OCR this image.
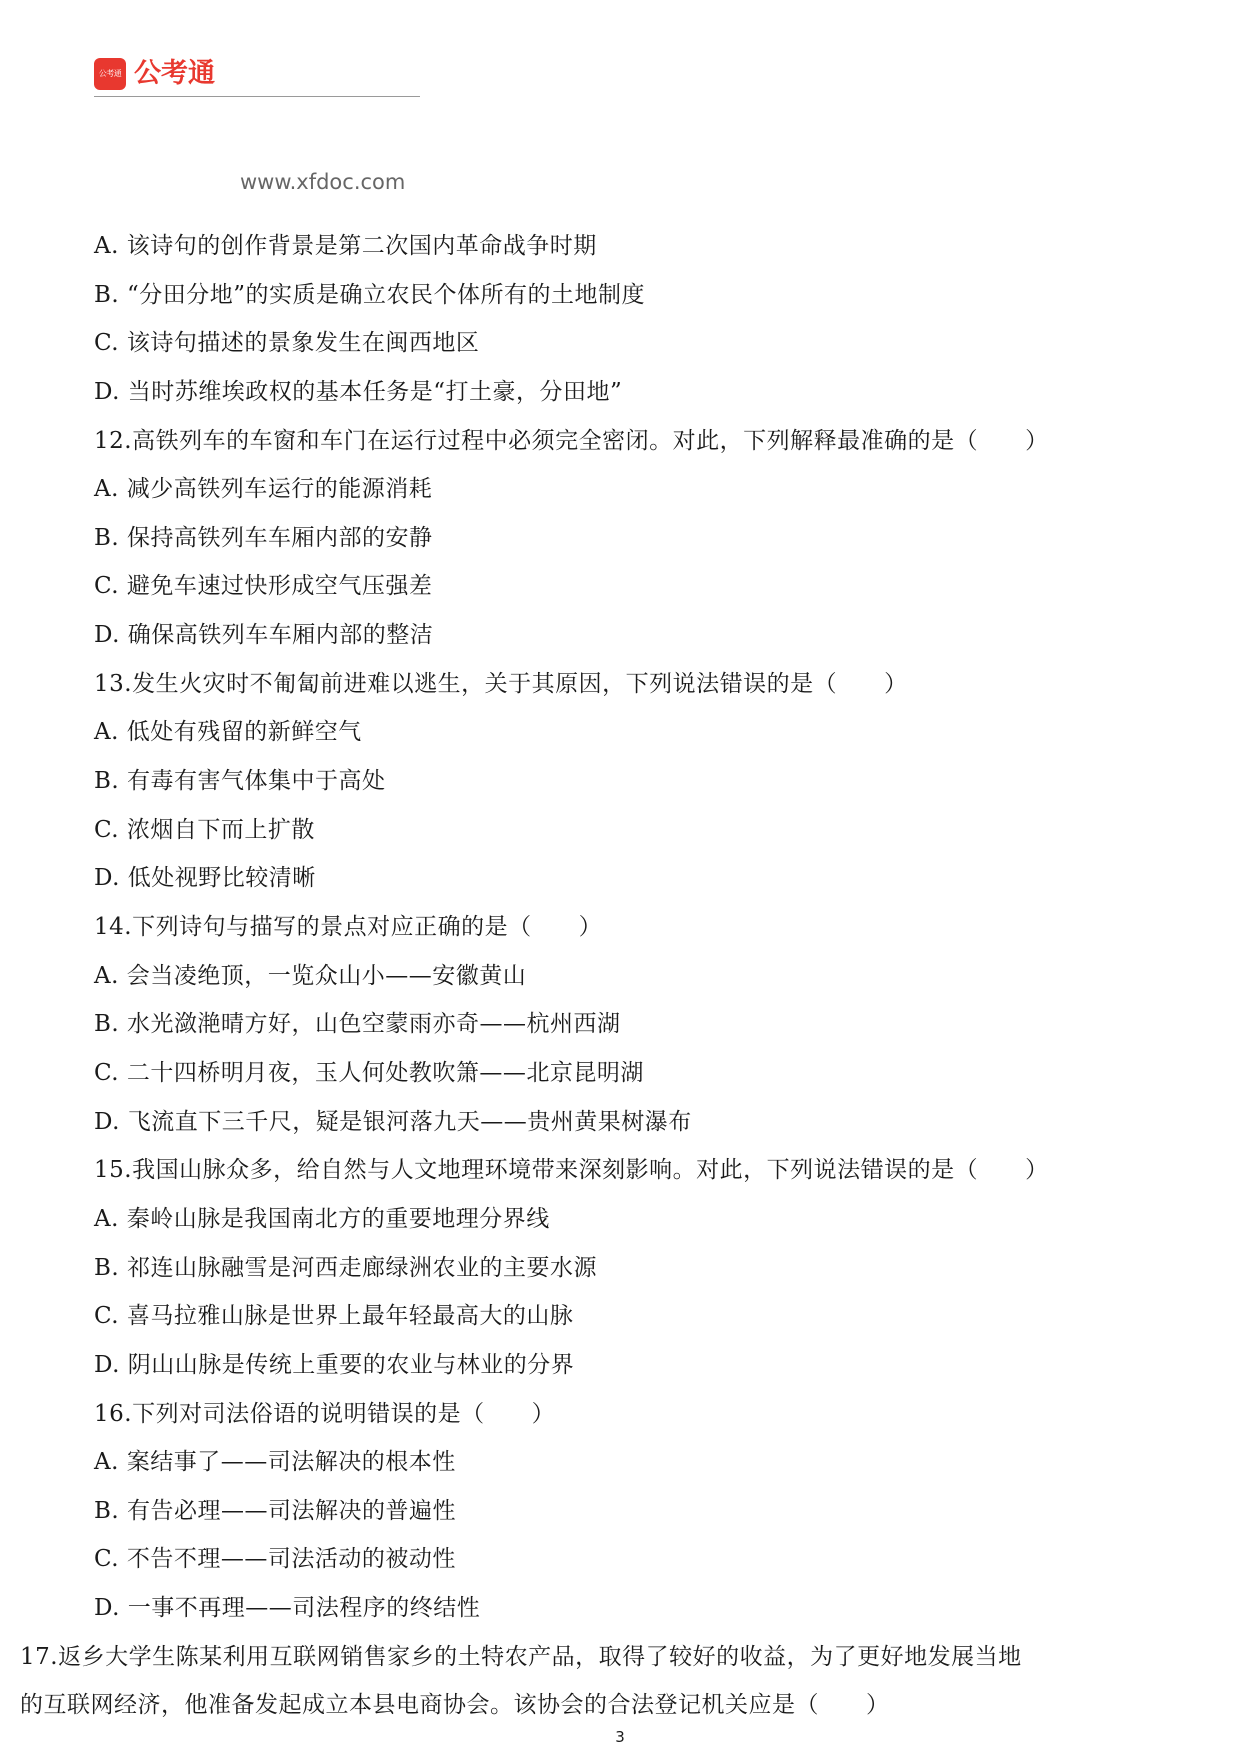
公考通 公考通
www.xfdoc.com
A. 该诗句的创作背景是第二次国内革命战争时期
B. “分田分地”的实质是确立农民个体所有的土地制度
C. 该诗句描述的景象发生在闽西地区
D. 当时苏维埃政权的基本任务是“打土豪，分田地”
12.高铁列车的车窗和车门在运行过程中必须完全密闭。对此，下列解释最准确的是（　　）
A. 减少高铁列车运行的能源消耗
B. 保持高铁列车车厢内部的安静
C. 避免车速过快形成空气压强差
D. 确保高铁列车车厢内部的整洁
13.发生火灾时不匍匐前进难以逃生，关于其原因，下列说法错误的是（　　）
A. 低处有残留的新鲜空气
B. 有毒有害气体集中于高处
C. 浓烟自下而上扩散
D. 低处视野比较清晰
14.下列诗句与描写的景点对应正确的是（　　）
A. 会当凌绝顶，一览众山小——安徽黄山
B. 水光潋滟晴方好，山色空蒙雨亦奇——杭州西湖
C. 二十四桥明月夜，玉人何处教吹箫——北京昆明湖
D. 飞流直下三千尺，疑是银河落九天——贵州黄果树瀑布
15.我国山脉众多，给自然与人文地理环境带来深刻影响。对此，下列说法错误的是（　　）
A. 秦岭山脉是我国南北方的重要地理分界线
B. 祁连山脉融雪是河西走廊绿洲农业的主要水源
C. 喜马拉雅山脉是世界上最年轻最高大的山脉
D. 阴山山脉是传统上重要的农业与林业的分界
16.下列对司法俗语的说明错误的是（　　）
A. 案结事了——司法解决的根本性
B. 有告必理——司法解决的普遍性
C. 不告不理——司法活动的被动性
D. 一事不再理——司法程序的终结性
17.返乡大学生陈某利用互联网销售家乡的土特农产品，取得了较好的收益，为了更好地发展当地
的互联网经济，他准备发起成立本县电商协会。该协会的合法登记机关应是（　　）
3
